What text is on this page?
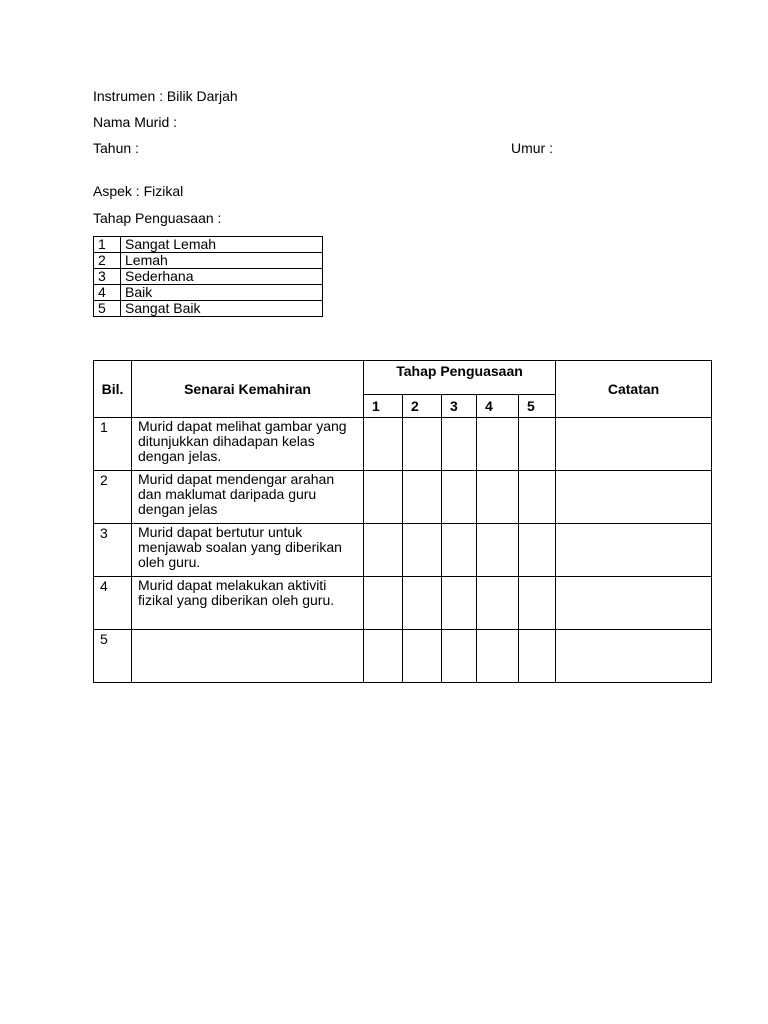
Instrumen : Bilik Darjah
Nama Murid :
Tahun :	Umur :
Aspek : Fizikal
Tahap Penguasaan :
1	Sangat Lemah
2	Lemah
3	Sederhana
4	Baik
5	Sangat Baik
Bil.	Senarai Kemahiran	Tahap Penguasaan					Catatan
		1	2	3	4	5	
1	Murid dapat melihat gambar yang ditunjukkan dihadapan kelas dengan jelas.						
2	Murid dapat mendengar arahan dan maklumat daripada guru dengan jelas						
3	Murid dapat bertutur untuk menjawab soalan yang diberikan oleh guru.						
4	Murid dapat melakukan aktiviti fizikal yang diberikan oleh guru.						
5							
